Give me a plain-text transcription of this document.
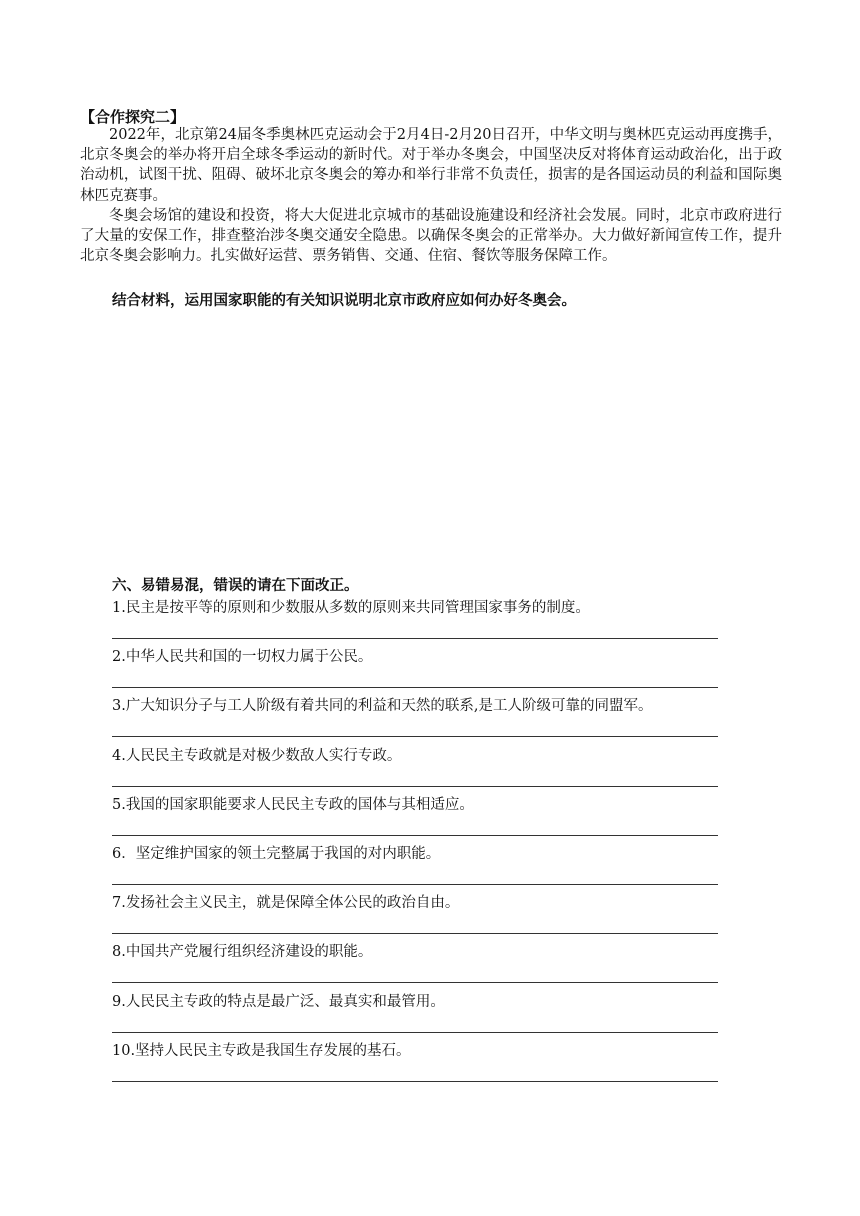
【合作探究二】

2022年，北京第24届冬季奥林匹克运动会于2月4日-2月20日召开，中华文明与奥林匹克运动再度携手，北京冬奥会的举办将开启全球冬季运动的新时代。对于举办冬奥会，中国坚决反对将体育运动政治化，出于政治动机，试图干扰、阻碍、破坏北京冬奥会的筹办和举行非常不负责任，损害的是各国运动员的利益和国际奥林匹克赛事。

冬奥会场馆的建设和投资，将大大促进北京城市的基础设施建设和经济社会发展。同时，北京市政府进行了大量的安保工作，排查整治涉冬奥交通安全隐患。以确保冬奥会的正常举办。大力做好新闻宣传工作，提升北京冬奥会影响力。扎实做好运营、票务销售、交通、住宿、餐饮等服务保障工作。

结合材料，运用国家职能的有关知识说明北京市政府应如何办好冬奥会。
六、易错易混，错误的请在下面改正。
1.民主是按平等的原则和少数服从多数的原则来共同管理国家事务的制度。
2.中华人民共和国的一切权力属于公民。
3.广大知识分子与工人阶级有着共同的利益和天然的联系,是工人阶级可靠的同盟军。
4.人民民主专政就是对极少数敌人实行专政。
5.我国的国家职能要求人民民主专政的国体与其相适应。
6．坚定维护国家的领土完整属于我国的对内职能。
7.发扬社会主义民主，就是保障全体公民的政治自由。
8.中国共产党履行组织经济建设的职能。
9.人民民主专政的特点是最广泛、最真实和最管用。
10.坚持人民民主专政是我国生存发展的基石。
